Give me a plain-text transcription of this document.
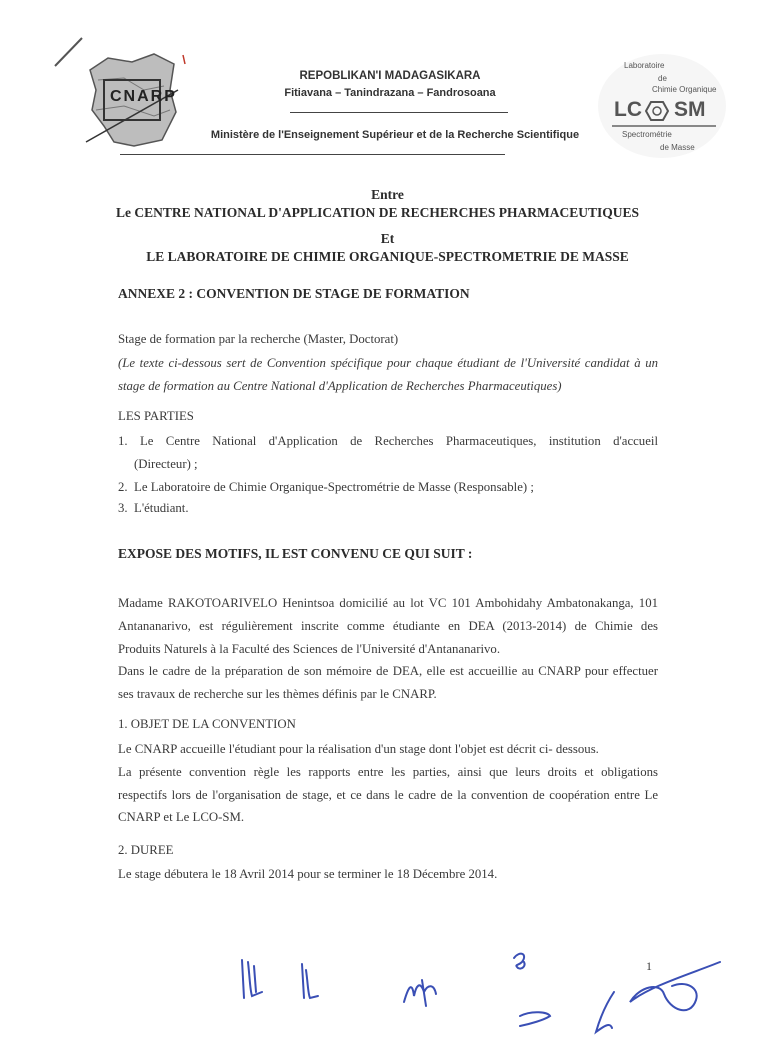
CNARP
REPOBLIKAN'I MADAGASIKARA
Fitiavana – Tanindrazana – Fandrosoana
Ministère de l'Enseignement Supérieur et de la Recherche Scientifique
Laboratoire
de
Chimie Organique
LC SM
Spectrométrie
de Masse
Entre
Le CENTRE NATIONAL D'APPLICATION DE RECHERCHES PHARMACEUTIQUES
Et
LE LABORATOIRE DE CHIMIE ORGANIQUE-SPECTROMETRIE DE MASSE
ANNEXE 2 : CONVENTION DE STAGE DE FORMATION
Stage de formation par la recherche (Master, Doctorat)
(Le texte ci-dessous sert de Convention spécifique pour chaque étudiant de l'Université candidat à un
stage de formation au Centre National d'Application de Recherches Pharmaceutiques)
LES PARTIES
1.  Le  Centre  National  d'Application  de  Recherches  Pharmaceutiques,  institution  d'accueil
(Directeur) ;
2.  Le Laboratoire de Chimie Organique-Spectrométrie de Masse (Responsable) ;
3.  L'étudiant.
EXPOSE DES MOTIFS, IL EST CONVENU CE QUI SUIT :
Madame RAKOTOARIVELO Henintsoa domicilié au lot VC 101 Ambohidahy Ambatonakanga, 101
Antananarivo,  est  régulièrement  inscrite  comme  étudiante  en  DEA  (2013-2014)  de  Chimie  des
Produits Naturels à la Faculté des Sciences de l'Université d'Antananarivo.
Dans le cadre de la préparation de son mémoire de DEA, elle est accueillie au CNARP pour effectuer
ses travaux de recherche sur les thèmes définis par le CNARP.
1. OBJET DE LA CONVENTION
Le CNARP accueille l'étudiant pour la réalisation d'un stage dont l'objet est décrit ci- dessous.
La  présente  convention  règle  les  rapports  entre  les  parties,  ainsi  que  leurs  droits  et  obligations
respectifs lors de l'organisation de stage, et ce dans le cadre de la convention de coopération entre Le
CNARP et Le LCO-SM.
2. DUREE
Le stage débutera le 18 Avril 2014 pour se terminer le 18 Décembre 2014.
1
